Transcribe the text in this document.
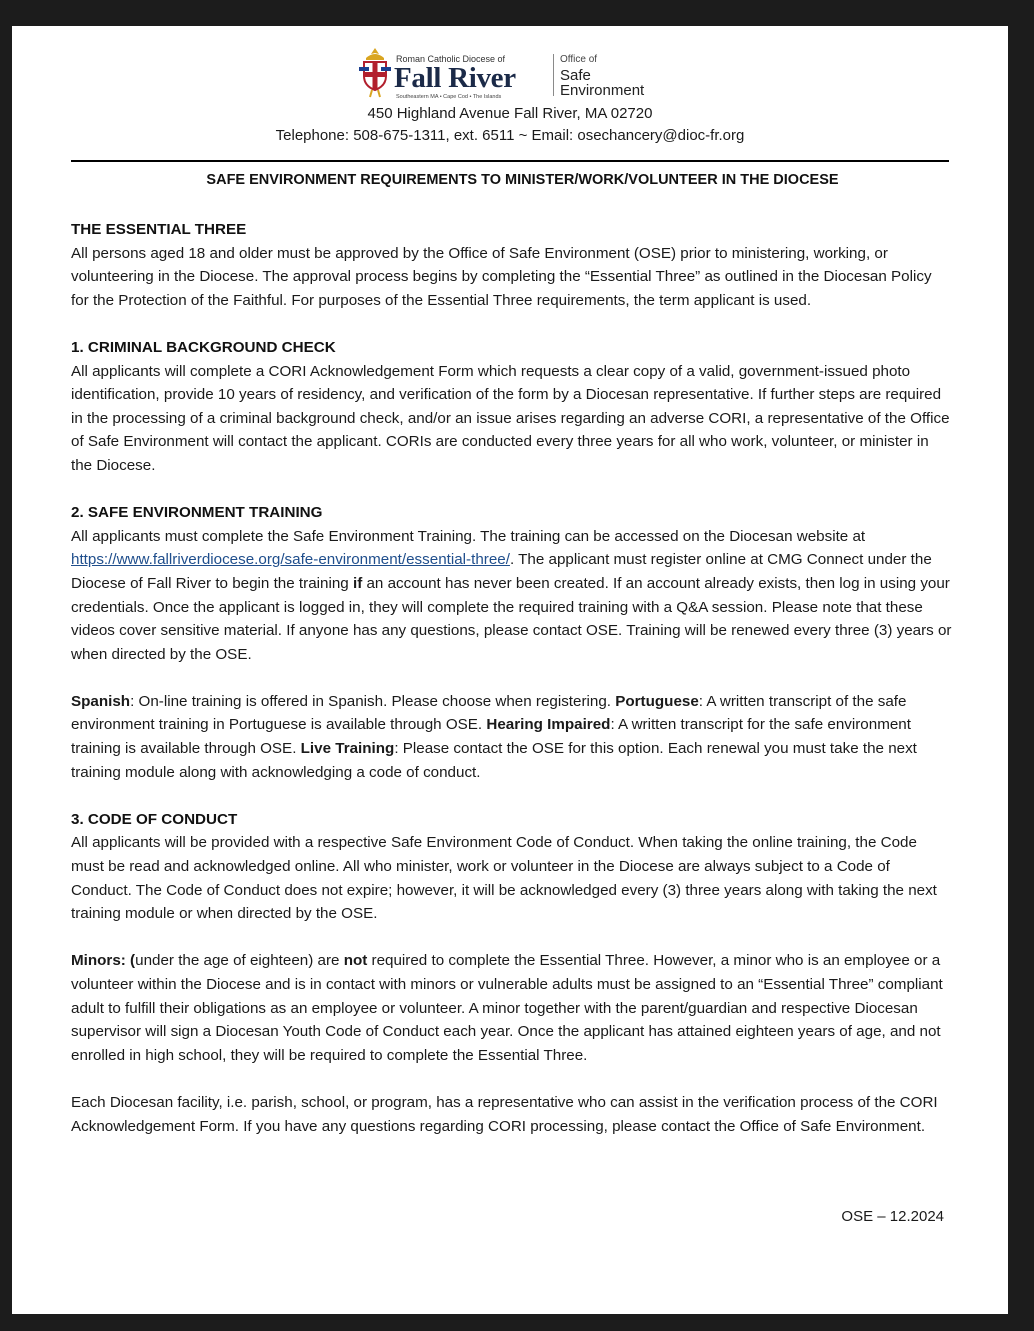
Roman Catholic Diocese of
Fall River
Southeastern MA • Cape Cod • The Islands
Office of
Safe
Environment
450 Highland Avenue Fall River, MA 02720
Telephone: 508-675-1311, ext. 6511 ~ Email: osechancery@dioc-fr.org
SAFE ENVIRONMENT REQUIREMENTS TO MINISTER/WORK/VOLUNTEER IN THE DIOCESE
THE ESSENTIAL THREE

All persons aged 18 and older must be approved by the Office of Safe Environment (OSE) prior to ministering, working, or volunteering in the Diocese. The approval process begins by completing the “Essential Three” as outlined in the Diocesan Policy for the Protection of the Faithful. For purposes of the Essential Three requirements, the term applicant is used.

1. CRIMINAL BACKGROUND CHECK

All applicants will complete a CORI Acknowledgement Form which requests a clear copy of a valid, government-issued photo identification, provide 10 years of residency, and verification of the form by a Diocesan representative. If further steps are required in the processing of a criminal background check, and/or an issue arises regarding an adverse CORI, a representative of the Office of Safe Environment will contact the applicant. CORIs are conducted every three years for all who work, volunteer, or minister in the Diocese.

2. SAFE ENVIRONMENT TRAINING

All applicants must complete the Safe Environment Training. The training can be accessed on the Diocesan website at https://www.fallriverdiocese.org/safe-environment/essential-three/. The applicant must register online at CMG Connect under the Diocese of Fall River to begin the training if an account has never been created. If an account already exists, then log in using your credentials. Once the applicant is logged in, they will complete the required training with a Q&A session. Please note that these videos cover sensitive material. If anyone has any questions, please contact OSE. Training will be renewed every three (3) years or when directed by the OSE.

Spanish: On-line training is offered in Spanish. Please choose when registering. Portuguese: A written transcript of the safe environment training in Portuguese is available through OSE. Hearing Impaired: A written transcript for the safe environment training is available through OSE. Live Training: Please contact the OSE for this option. Each renewal you must take the next training module along with acknowledging a code of conduct.

3. CODE OF CONDUCT

All applicants will be provided with a respective Safe Environment Code of Conduct. When taking the online training, the Code must be read and acknowledged online. All who minister, work or volunteer in the Diocese are always subject to a Code of Conduct. The Code of Conduct does not expire; however, it will be acknowledged every (3) three years along with taking the next training module or when directed by the OSE.

Minors: (under the age of eighteen) are not required to complete the Essential Three. However, a minor who is an employee or a volunteer within the Diocese and is in contact with minors or vulnerable adults must be assigned to an “Essential Three” compliant adult to fulfill their obligations as an employee or volunteer. A minor together with the parent/guardian and respective Diocesan supervisor will sign a Diocesan Youth Code of Conduct each year. Once the applicant has attained eighteen years of age, and not enrolled in high school, they will be required to complete the Essential Three.

Each Diocesan facility, i.e. parish, school, or program, has a representative who can assist in the verification process of the CORI Acknowledgement Form. If you have any questions regarding CORI processing, please contact the Office of Safe Environment.

OSE – 12.2024
